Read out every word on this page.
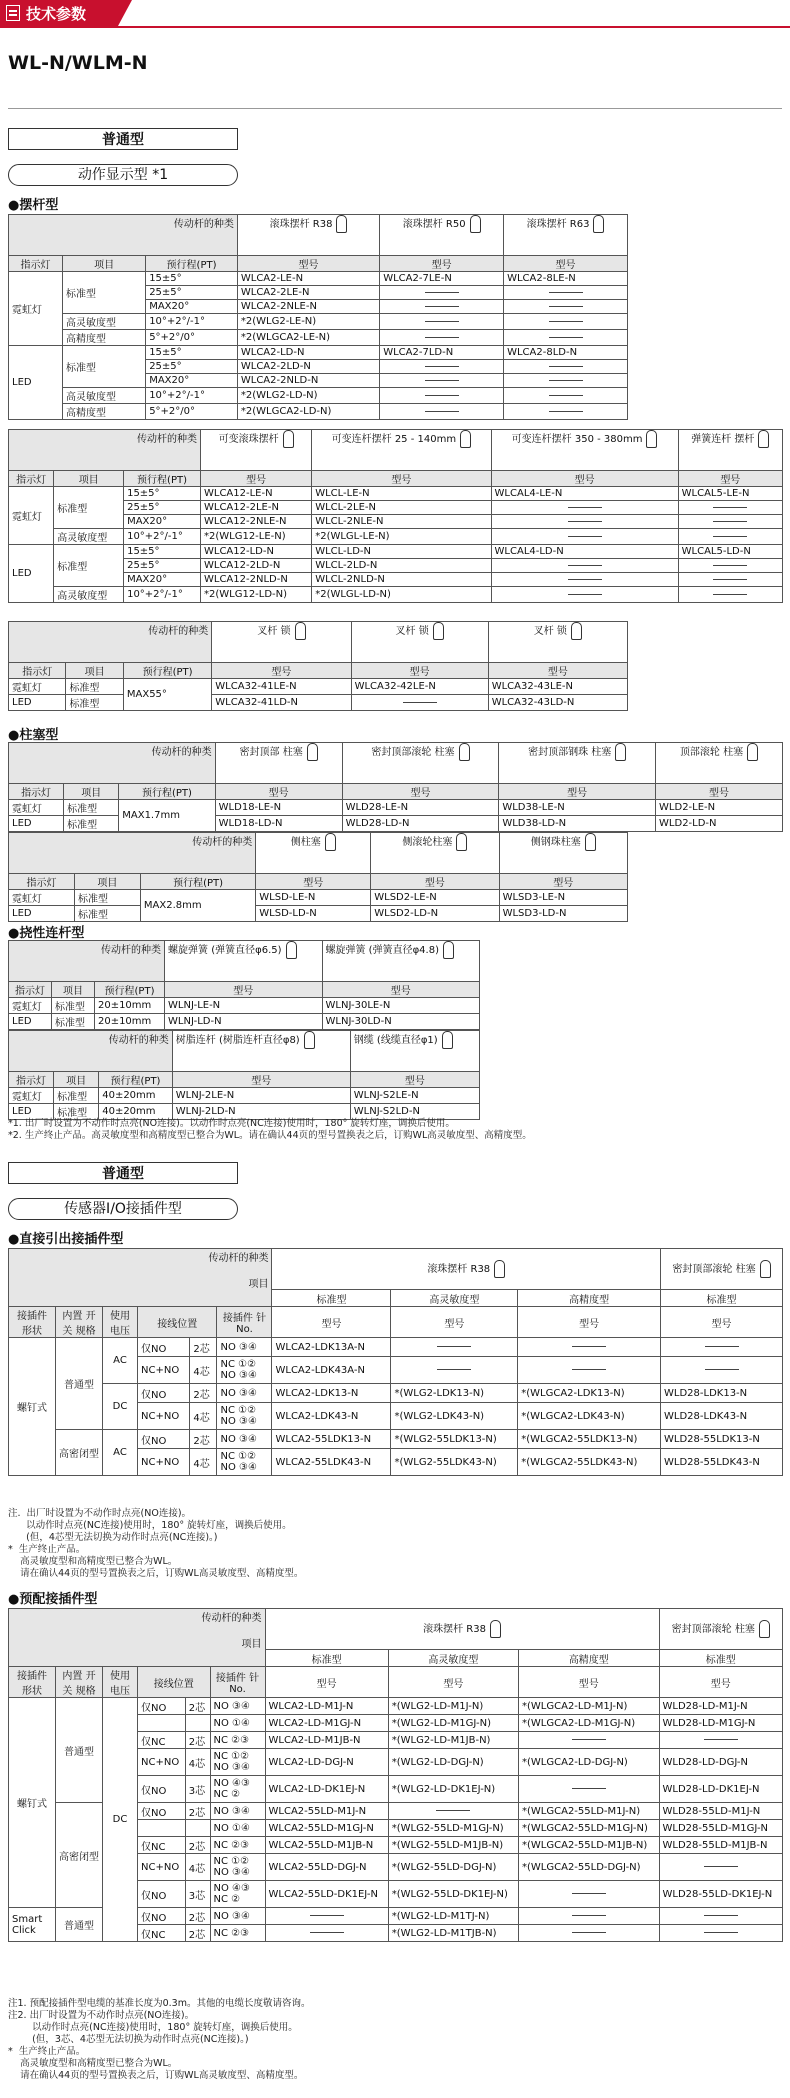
技术参数
WL-N/WLM-N
普通型
动作显示型 *1
●摆杆型
传动杆的种类			滚珠摆杆 R38	滚珠摆杆 R50	滚珠摆杆 R63
指示灯	项目	预行程(PT)	型号	型号	型号
霓虹灯	标准型	15±5°	WLCA2-LE-N	WLCA2-7LE-N	WLCA2-8LE-N
		25±5°	WLCA2-2LE-N		
		MAX20°	WLCA2-2NLE-N		
	高灵敏度型	10°+2°/-1°	*2(WLG2-LE-N)		
	高精度型	5°+2°/0°	*2(WLGCA2-LE-N)		
LED	标准型	15±5°	WLCA2-LD-N	WLCA2-7LD-N	WLCA2-8LD-N
		25±5°	WLCA2-2LD-N		
		MAX20°	WLCA2-2NLD-N		
	高灵敏度型	10°+2°/-1°	*2(WLG2-LD-N)		
	高精度型	5°+2°/0°	*2(WLGCA2-LD-N)		
传动杆的种类			可变滚珠摆杆	可变连杆摆杆 25 - 140mm	可变连杆摆杆 350 - 380mm	弹簧连杆 摆杆
指示灯	项目	预行程(PT)	型号	型号	型号	型号
霓虹灯	标准型	15±5°	WLCA12-LE-N	WLCL-LE-N	WLCAL4-LE-N	WLCAL5-LE-N
		25±5°	WLCA12-2LE-N	WLCL-2LE-N		
		MAX20°	WLCA12-2NLE-N	WLCL-2NLE-N		
	高灵敏度型	10°+2°/-1°	*2(WLG12-LE-N)	*2(WLGL-LE-N)		
LED	标准型	15±5°	WLCA12-LD-N	WLCL-LD-N	WLCAL4-LD-N	WLCAL5-LD-N
		25±5°	WLCA12-2LD-N	WLCL-2LD-N		
		MAX20°	WLCA12-2NLD-N	WLCL-2NLD-N		
	高灵敏度型	10°+2°/-1°	*2(WLG12-LD-N)	*2(WLGL-LD-N)		
传动杆的种类			叉杆 锁	叉杆 锁	叉杆 锁
指示灯	项目	预行程(PT)	型号	型号	型号
霓虹灯	标准型	MAX55°	WLCA32-41LE-N	WLCA32-42LE-N	WLCA32-43LE-N
LED	标准型		WLCA32-41LD-N		WLCA32-43LD-N
●柱塞型
传动杆的种类			密封顶部 柱塞	密封顶部滚轮 柱塞	密封顶部钢珠 柱塞	顶部滚轮 柱塞
指示灯	项目	预行程(PT)	型号	型号	型号	型号
霓虹灯	标准型	MAX1.7mm	WLD18-LE-N	WLD28-LE-N	WLD38-LE-N	WLD2-LE-N
LED	标准型		WLD18-LD-N	WLD28-LD-N	WLD38-LD-N	WLD2-LD-N
传动杆的种类			侧柱塞	侧滚轮柱塞	侧钢珠柱塞
指示灯	项目	预行程(PT)	型号	型号	型号
霓虹灯	标准型	MAX2.8mm	WLSD-LE-N	WLSD2-LE-N	WLSD3-LE-N
LED	标准型		WLSD-LD-N	WLSD2-LD-N	WLSD3-LD-N
●挠性连杆型
传动杆的种类			螺旋弹簧 (弹簧直径φ6.5)	螺旋弹簧 (弹簧直径φ4.8)
指示灯	项目	预行程(PT)	型号	型号
霓虹灯	标准型	20±10mm	WLNJ-LE-N	WLNJ-30LE-N
LED	标准型	20±10mm	WLNJ-LD-N	WLNJ-30LD-N
传动杆的种类			树脂连杆 (树脂连杆直径φ8)	钢缆 (线缆直径φ1)
指示灯	项目	预行程(PT)	型号	型号
霓虹灯	标准型	40±20mm	WLNJ-2LE-N	WLNJ-S2LE-N
LED	标准型	40±20mm	WLNJ-2LD-N	WLNJ-S2LD-N
*1. 出厂时设置为不动作时点亮(NO连接)。以动作时点亮(NC连接)使用时，180° 旋转灯座，调换后使用。
*2. 生产终止产品。高灵敏度型和高精度型已整合为WL。请在确认44页的型号置换表之后，订购WL高灵敏度型、高精度型。
普通型
传感器I/O接插件型
●直接引出接插件型
传动杆的种类

项目						滚珠摆杆 R38			密封顶部滚轮 柱塞
						标准型	高灵敏度型	高精度型	标准型
接插件 形状	内置 开关 规格	使用 电压	接线位置		接插件 针No.	型号	型号	型号	型号
螺钉式	普通型	AC	仅NO	2芯	NO ③④	WLCA2-LDK13A-N			
			NC+NO	4芯	NC ①② NO ③④	WLCA2-LDK43A-N			
		DC	仅NO	2芯	NO ③④	WLCA2-LDK13-N	*(WLG2-LDK13-N)	*(WLGCA2-LDK13-N)	WLD28-LDK13-N
			NC+NO	4芯	NC ①② NO ③④	WLCA2-LDK43-N	*(WLG2-LDK43-N)	*(WLGCA2-LDK43-N)	WLD28-LDK43-N
	高密闭型	AC	仅NO	2芯	NO ③④	WLCA2-55LDK13-N	*(WLG2-55LDK13-N)	*(WLGCA2-55LDK13-N)	WLD28-55LDK13-N
			NC+NO	4芯	NC ①② NO ③④	WLCA2-55LDK43-N	*(WLG2-55LDK43-N)	*(WLGCA2-55LDK43-N)	WLD28-55LDK43-N
注.  出厂时设置为不动作时点亮(NO连接)。
以动作时点亮(NC连接)使用时，180° 旋转灯座，调换后使用。
(但，4芯型无法切换为动作时点亮(NC连接)。)
*  生产终止产品。
高灵敏度型和高精度型已整合为WL。
请在确认44页的型号置换表之后，订购WL高灵敏度型、高精度型。
●预配接插件型
传动杆的种类

项目						滚珠摆杆 R38			密封顶部滚轮 柱塞
						标准型	高灵敏度型	高精度型	标准型
接插件 形状	内置 开关 规格	使用 电压	接线位置		接插件 针No.	型号	型号	型号	型号
螺钉式	普通型	DC	仅NO	2芯	NO ③④	WLCA2-LD-M1J-N	*(WLG2-LD-M1J-N)	*(WLGCA2-LD-M1J-N)	WLD28-LD-M1J-N
					NO ①④	WLCA2-LD-M1GJ-N	*(WLG2-LD-M1GJ-N)	*(WLGCA2-LD-M1GJ-N)	WLD28-LD-M1GJ-N
			仅NC	2芯	NC ②③	WLCA2-LD-M1JB-N	*(WLG2-LD-M1JB-N)		
			NC+NO	4芯	NC ①② NO ③④	WLCA2-LD-DGJ-N	*(WLG2-LD-DGJ-N)	*(WLGCA2-LD-DGJ-N)	WLD28-LD-DGJ-N
			仅NO	3芯	NO ④③ NC ②	WLCA2-LD-DK1EJ-N	*(WLG2-LD-DK1EJ-N)		WLD28-LD-DK1EJ-N
	高密闭型		仅NO	2芯	NO ③④	WLCA2-55LD-M1J-N		*(WLGCA2-55LD-M1J-N)	WLD28-55LD-M1J-N
					NO ①④	WLCA2-55LD-M1GJ-N	*(WLG2-55LD-M1GJ-N)	*(WLGCA2-55LD-M1GJ-N)	WLD28-55LD-M1GJ-N
			仅NC	2芯	NC ②③	WLCA2-55LD-M1JB-N	*(WLG2-55LD-M1JB-N)	*(WLGCA2-55LD-M1JB-N)	WLD28-55LD-M1JB-N
			NC+NO	4芯	NC ①② NO ③④	WLCA2-55LD-DGJ-N	*(WLG2-55LD-DGJ-N)	*(WLGCA2-55LD-DGJ-N)	
			仅NO	3芯	NO ④③ NC ②	WLCA2-55LD-DK1EJ-N	*(WLG2-55LD-DK1EJ-N)		WLD28-55LD-DK1EJ-N
Smart Click	普通型		仅NO	2芯	NO ③④		*(WLG2-LD-M1TJ-N)		
			仅NC	2芯	NC ②③		*(WLG2-LD-M1TJB-N)		
注1. 预配接插件型电缆的基准长度为0.3m。其他的电缆长度敬请咨询。
注2. 出厂时设置为不动作时点亮(NO连接)。
以动作时点亮(NC连接)使用时，180° 旋转灯座，调换后使用。
(但，3芯、4芯型无法切换为动作时点亮(NC连接)。)
*  生产终止产品。
高灵敏度型和高精度型已整合为WL。
请在确认44页的型号置换表之后，订购WL高灵敏度型、高精度型。
